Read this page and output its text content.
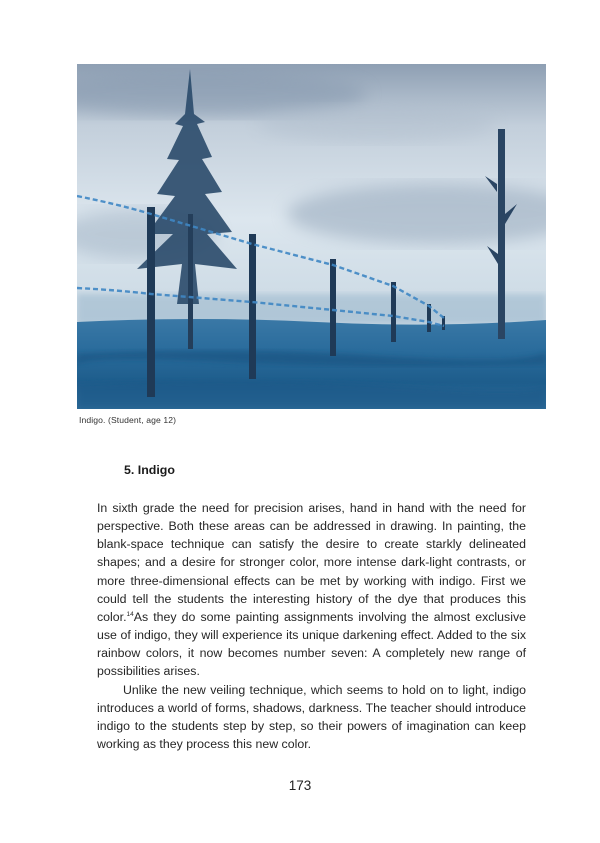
Indigo. (Student, age 12)
5. Indigo

In sixth grade the need for precision arises, hand in hand with the need for perspective. Both these areas can be addressed in drawing. In painting, the blank-space technique can satisfy the desire to create starkly delineated shapes; and a desire for stronger color, more intense dark-light contrasts, or more three-dimensional effects can be met by working with indigo. First we could tell the students the interesting history of the dye that produces this color.$^{14}$As they do some painting assignments involving the almost exclusive use of indigo, they will experience its unique darkening effect. Added to the six rainbow colors, it now becomes number seven: A completely new range of possibilities arises.

Unlike the new veiling technique, which seems to hold on to light, indigo introduces a world of forms, shadows, darkness. The teacher should introduce indigo to the students step by step, so their powers of imagination can keep working as they process this new color.

173
